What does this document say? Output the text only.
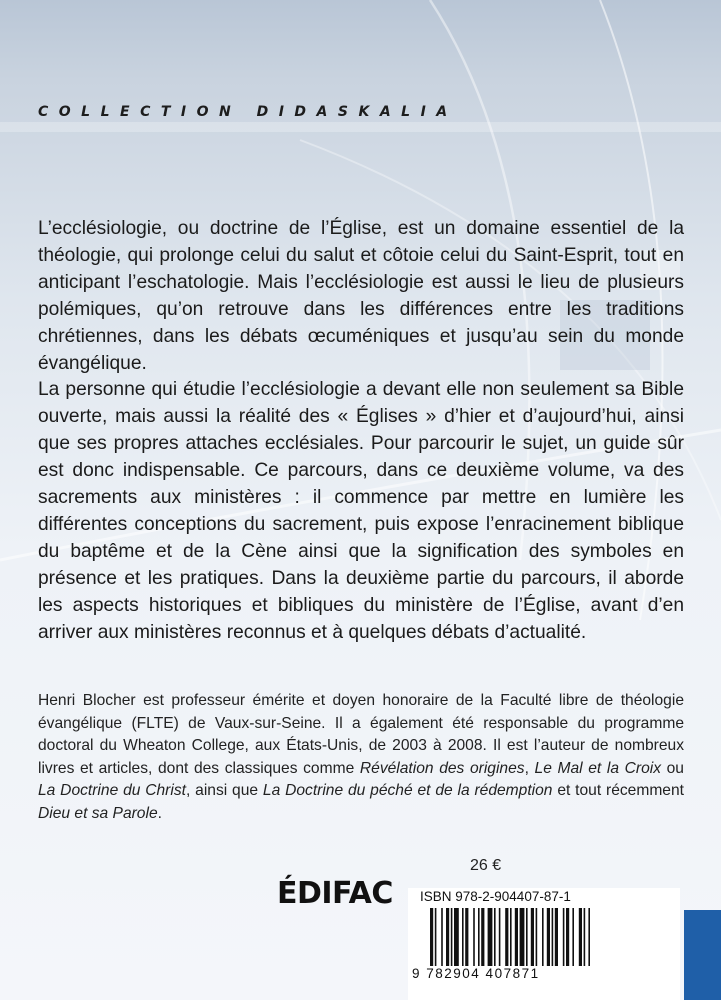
COLLECTION DIDASKALIA

L’ecclésiologie, ou doctrine de l’Église, est un domaine essentiel de la théologie, qui prolonge celui du salut et côtoie celui du Saint-Esprit, tout en anticipant l’eschatologie. Mais l’ecclésiologie est aussi le lieu de plusieurs polémiques, qu’on retrouve dans les différences entre les traditions chrétiennes, dans les débats œcuméniques et jusqu’au sein du monde évangélique.

La personne qui étudie l’ecclésiologie a devant elle non seulement sa Bible ouverte, mais aussi la réalité des « Églises » d’hier et d’aujourd’hui, ainsi que ses propres attaches ecclésiales. Pour parcourir le sujet, un guide sûr est donc indispensable. Ce parcours, dans ce deuxième volume, va des sacrements aux ministères : il commence par mettre en lumière les différentes conceptions du sacrement, puis expose l’enracinement biblique du baptême et de la Cène ainsi que la signification des symboles en présence et les pratiques. Dans la deuxième partie du parcours, il aborde les aspects historiques et bibliques du ministère de l’Église, avant d’en arriver aux ministères reconnus et à quelques débats d’actualité.

Henri Blocher est professeur émérite et doyen honoraire de la Faculté libre de théologie évangélique (FLTE) de Vaux-sur-Seine. Il a également été responsable du programme doctoral du Wheaton College, aux États-Unis, de 2003 à 2008. Il est l’auteur de nombreux livres et articles, dont des classiques comme Révélation des origines, Le Mal et la Croix ou La Doctrine du Christ, ainsi que La Doctrine du péché et de la rédemption et tout récemment Dieu et sa Parole.

26 €
ÉDIFAC ISBN 978-2-904407-87-1
9 782904 407871
